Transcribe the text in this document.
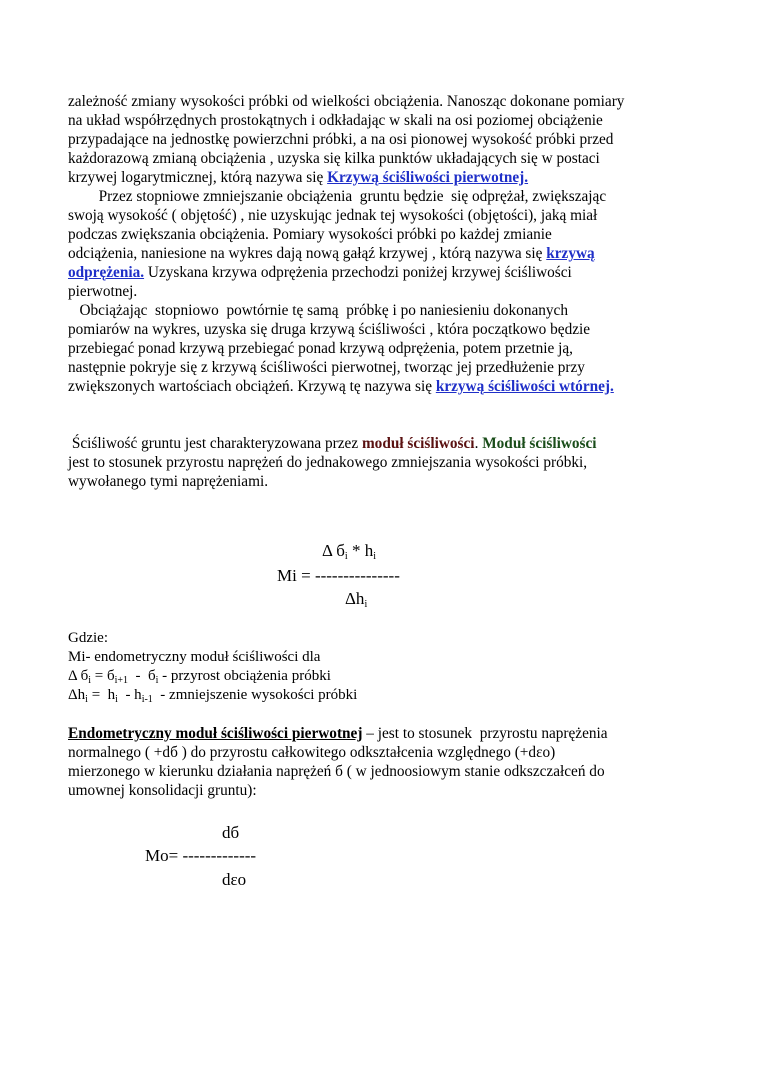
zależność zmiany wysokości próbki od wielkości obciążenia. Nanosząc dokonane pomiary
na układ współrzędnych prostokątnych i odkładając w skali na osi poziomej obciążenie
przypadające na jednostkę powierzchni próbki, a na osi pionowej wysokość próbki przed
każdorazową zmianą obciążenia , uzyska się kilka punktów układających się w postaci
krzywej logarytmicznej, którą nazywa się Krzywą ściśliwości pierwotnej.
Przez stopniowe zmniejszanie obciążenia  gruntu będzie  się odprężał, zwiększając
swoją wysokość ( objętość) , nie uzyskując jednak tej wysokości (objętości), jaką miał
podczas zwiększania obciążenia. Pomiary wysokości próbki po każdej zmianie
odciążenia, naniesione na wykres dają nową gałąź krzywej , którą nazywa się krzywą
odprężenia. Uzyskana krzywa odprężenia przechodzi poniżej krzywej ściśliwości
pierwotnej.
Obciążając  stopniowo  powtórnie tę samą  próbkę i po naniesieniu dokonanych
pomiarów na wykres, uzyska się druga krzywą ściśliwości , która początkowo będzie
przebiegać ponad krzywą przebiegać ponad krzywą odprężenia, potem przetnie ją,
następnie pokryje się z krzywą ściśliwości pierwotnej, tworząc jej przedłużenie przy
zwiększonych wartościach obciążeń. Krzywą tę nazywa się krzywą ściśliwości wtórnej.
Ściśliwość gruntu jest charakteryzowana przez moduł ściśliwości. Moduł ściśliwości
jest to stosunek przyrostu naprężeń do jednakowego zmniejszania wysokości próbki,
wywołanego tymi naprężeniami.
Δ $б_i * h_i$
Mi = ---------------
$\Delta h_i$
Gdzie:
Mi- endometryczny moduł ściśliwości dla
Δ $б_i = б_{i+1} - б_i$ - przyrost obciążenia próbki
$\Delta h_i = h_i - h_{i-1}$  - zmniejszenie wysokości próbki
Endometryczny moduł ściśliwości pierwotnej – jest to stosunek  przyrostu naprężenia
normalnego ( +dб ) do przyrostu całkowitego odkształcenia względnego (+dεo)
mierzonego w kierunku działania naprężeń б ( w jednoosiowym stanie odkszczałceń do
umownej konsolidacji gruntu):
dб
Mo= -------------
dεo
